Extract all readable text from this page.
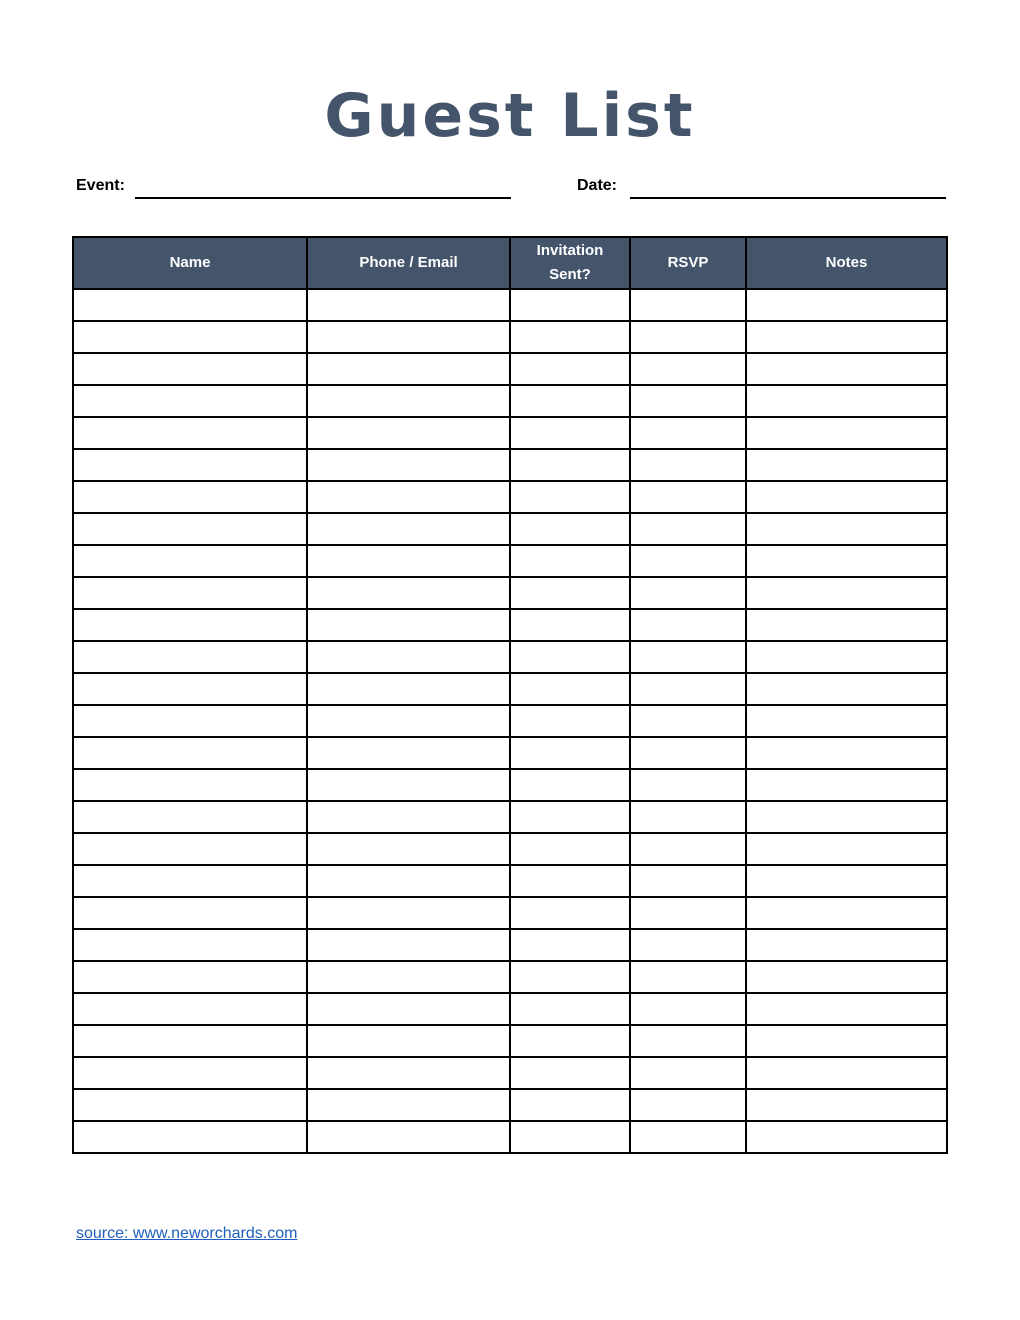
Guest List
Event:	Date:
Name	Phone / Email	Invitation Sent?	RSVP	Notes

source: www.neworchards.com
